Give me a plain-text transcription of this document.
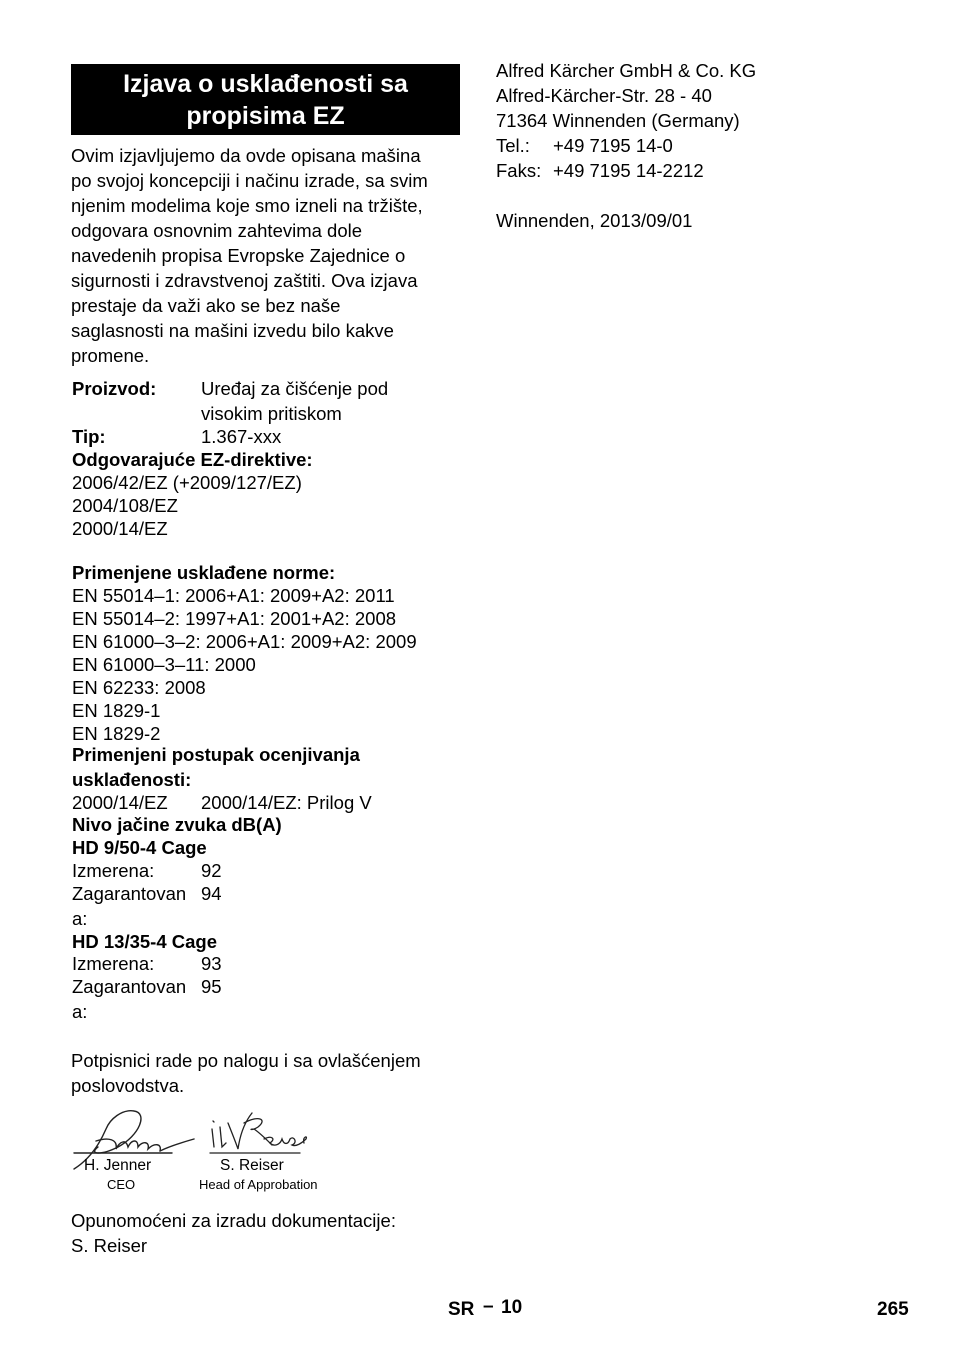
Izjava o usklađenosti sa
propisima EZ
Ovim izjavljujemo da ovde opisana mašina
po svojoj koncepciji i načinu izrade, sa svim
njenim modelima koje smo izneli na tržište,
odgovara osnovnim zahtevima dole
navedenih propisa Evropske Zajednice o
sigurnosti i zdravstvenoj zaštiti. Ova izjava
prestaje da važi ako se bez naše
saglasnosti na mašini izvedu bilo kakve
promene.
Proizvod: Uređaj za čišćenje pod
visokim pritiskom
Tip:	1.367-xxx
Odgovarajuće EZ-direktive:
2006/42/EZ (+2009/127/EZ)
2004/108/EZ
2000/14/EZ
Primenjene usklađene norme:
EN 55014–1: 2006+A1: 2009+A2: 2011
EN 55014–2: 1997+A1: 2001+A2: 2008
EN 61000–3–2: 2006+A1: 2009+A2: 2009
EN 61000–3–11: 2000
EN 62233: 2008
EN 1829-1
EN 1829-2
Primenjeni postupak ocenjivanja
usklađenosti:
2000/14/EZ 2000/14/EZ: Prilog V
Nivo jačine zvuka dB(A)
HD 9/50-4 Cage
Izmerena:	92
Zagarantovan 94
a:
HD 13/35-4 Cage
Izmerena:	93
Zagarantovan 95
a:
Potpisnici rade po nalogu i sa ovlašćenjem
poslovodstva.
H. Jenner
CEO
S. Reiser
Head of Approbation
Opunomoćeni za izradu dokumentacije:
S. Reiser
Alfred Kärcher GmbH & Co. KG
Alfred-Kärcher-Str. 28 - 40
71364 Winnenden (Germany)
Tel.: +49 7195 14-0
Faks: +49 7195 14-2212
Winnenden, 2013/09/01
SR – 10	265
